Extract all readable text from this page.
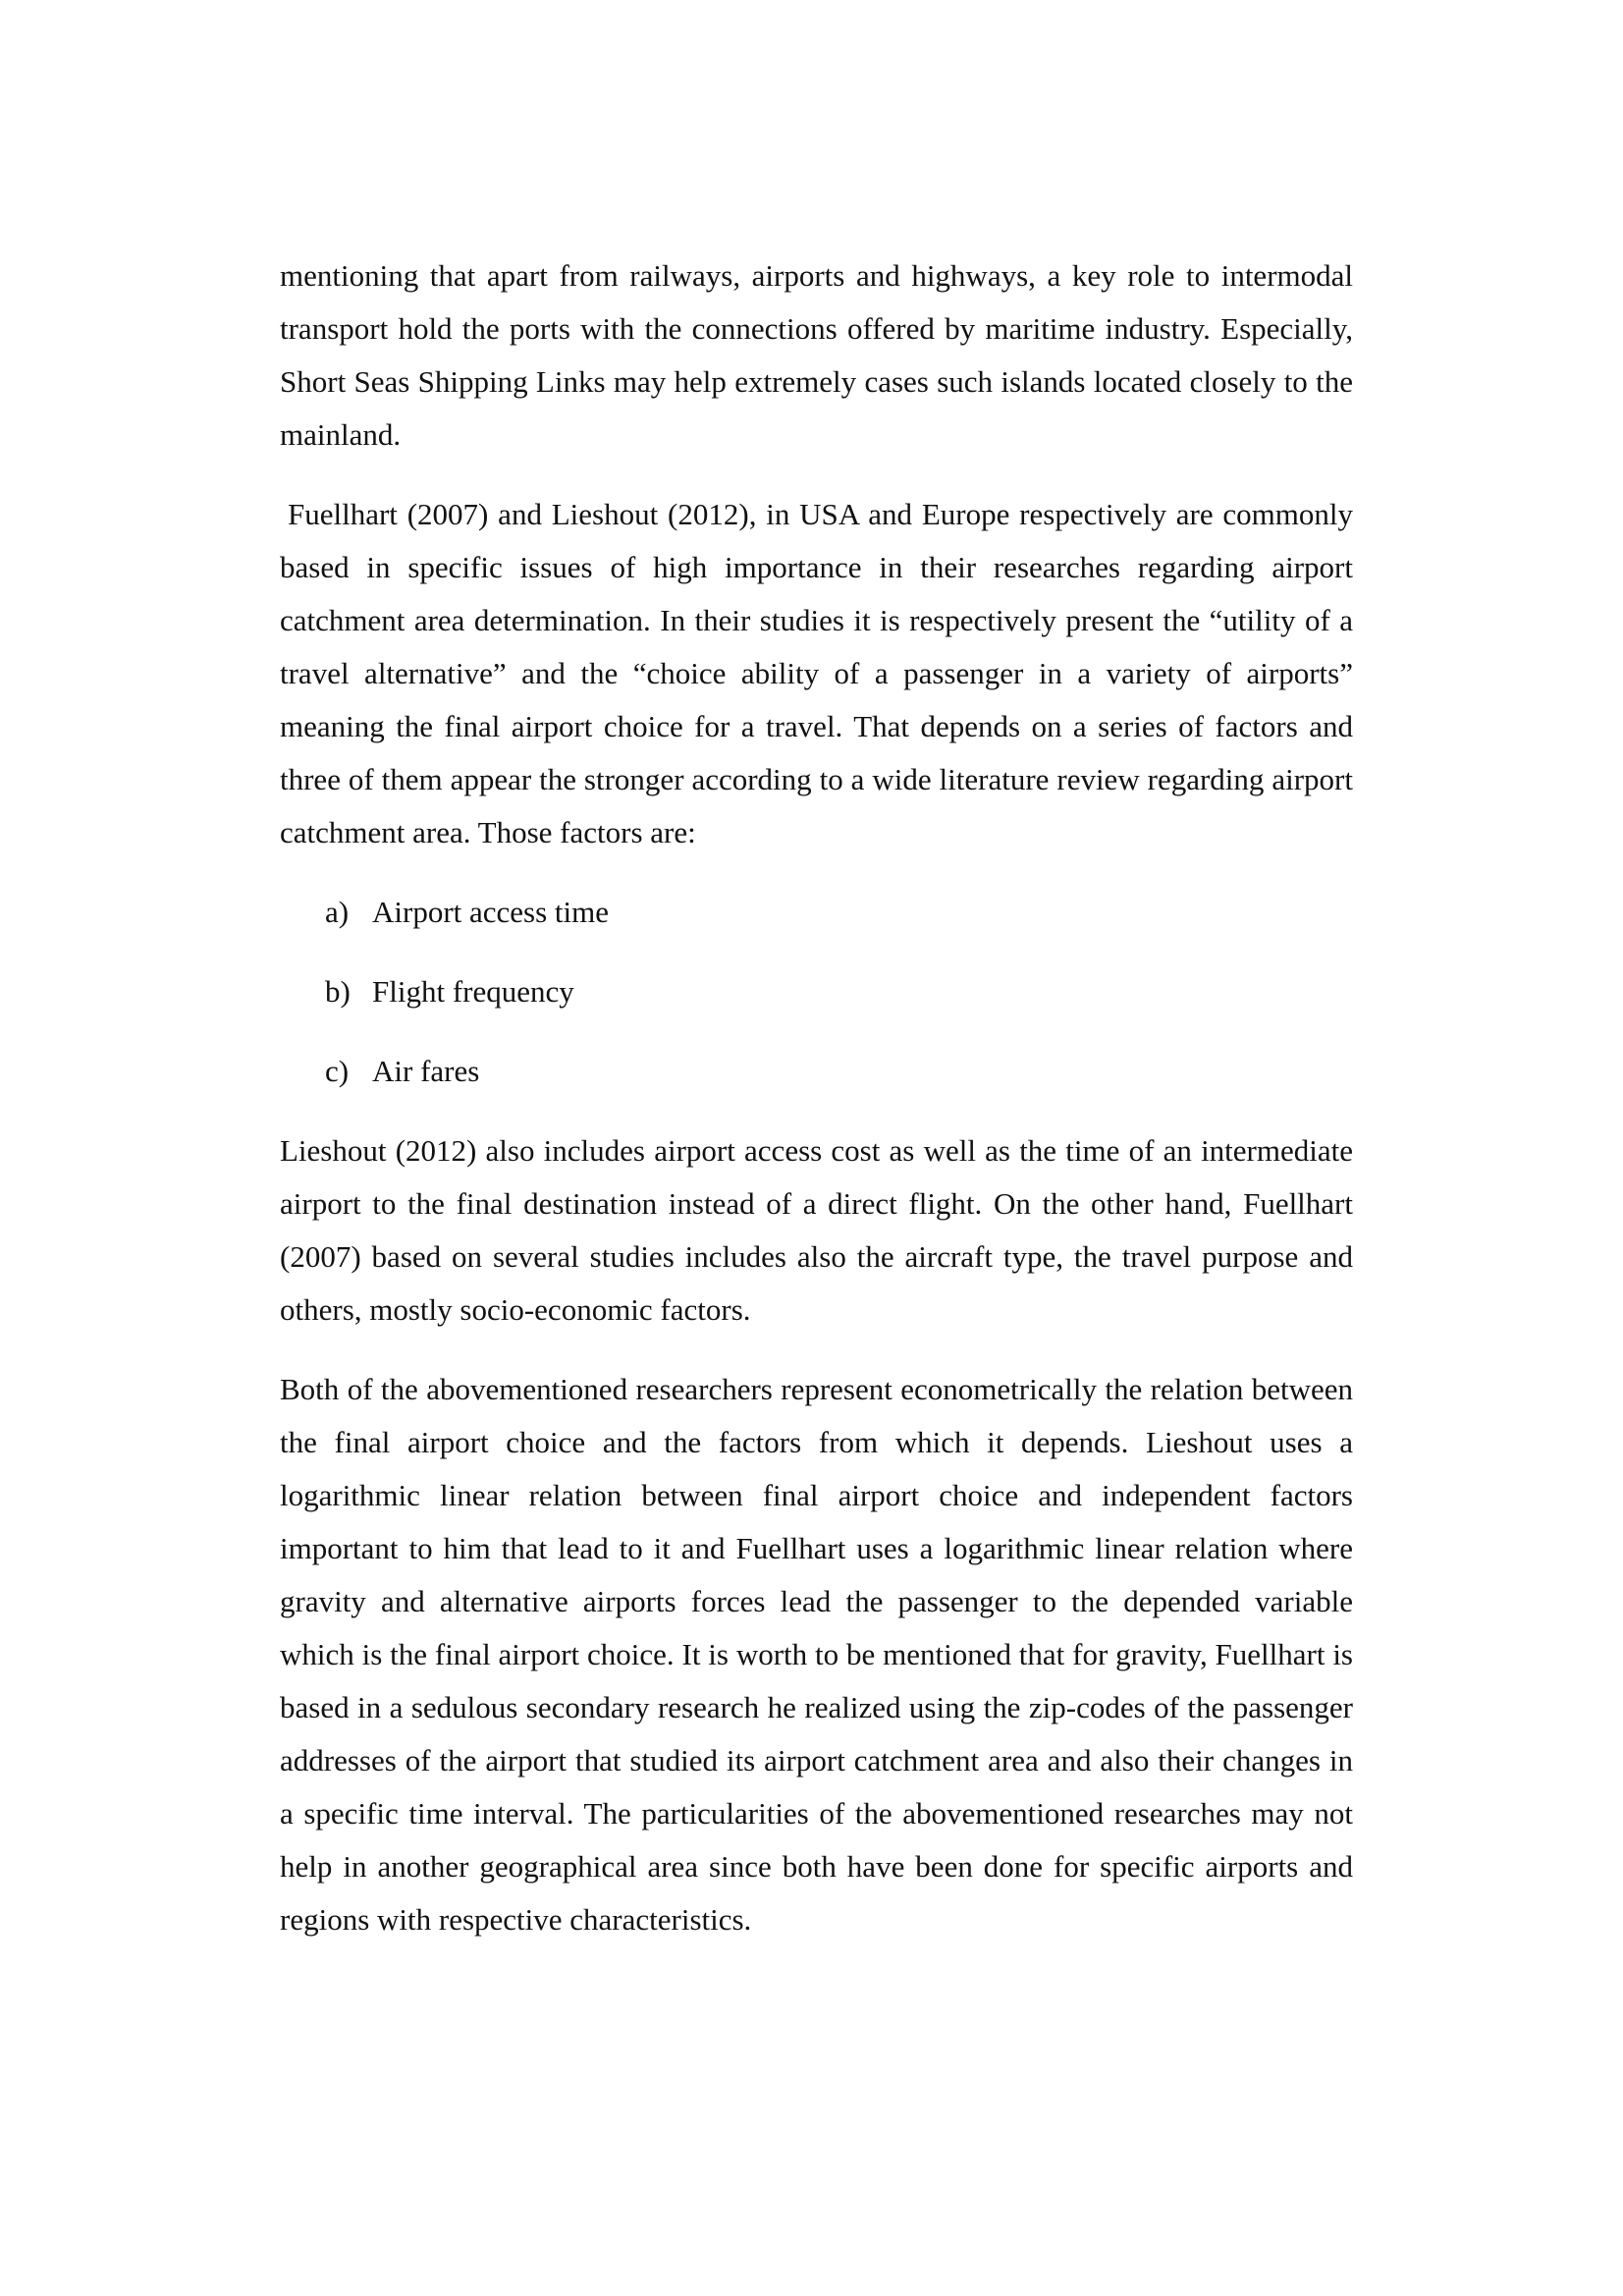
mentioning that apart from railways, airports and highways, a key role to intermodal transport hold the ports with the connections offered by maritime industry. Especially, Short Seas Shipping Links may help extremely cases such islands located closely to the mainland.

Fuellhart (2007) and Lieshout (2012), in USA and Europe respectively are commonly based in specific issues of high importance in their researches regarding airport catchment area determination. In their studies it is respectively present the “utility of a travel alternative” and the “choice ability of a passenger in a variety of airports” meaning the final airport choice for a travel. That depends on a series of factors and three of them appear the stronger according to a wide literature review regarding airport catchment area. Those factors are:

a) Airport access time
b) Flight frequency
c) Air fares

Lieshout (2012) also includes airport access cost as well as the time of an intermediate airport to the final destination instead of a direct flight. On the other hand, Fuellhart (2007) based on several studies includes also the aircraft type, the travel purpose and others, mostly socio-economic factors.

Both of the abovementioned researchers represent econometrically the relation between the final airport choice and the factors from which it depends. Lieshout uses a logarithmic linear relation between final airport choice and independent factors important to him that lead to it and Fuellhart uses a logarithmic linear relation where gravity and alternative airports forces lead the passenger to the depended variable which is the final airport choice. It is worth to be mentioned that for gravity, Fuellhart is based in a sedulous secondary research he realized using the zip-codes of the passenger addresses of the airport that studied its airport catchment area and also their changes in a specific time interval. The particularities of the abovementioned researches may not help in another geographical area since both have been done for specific airports and regions with respective characteristics.
